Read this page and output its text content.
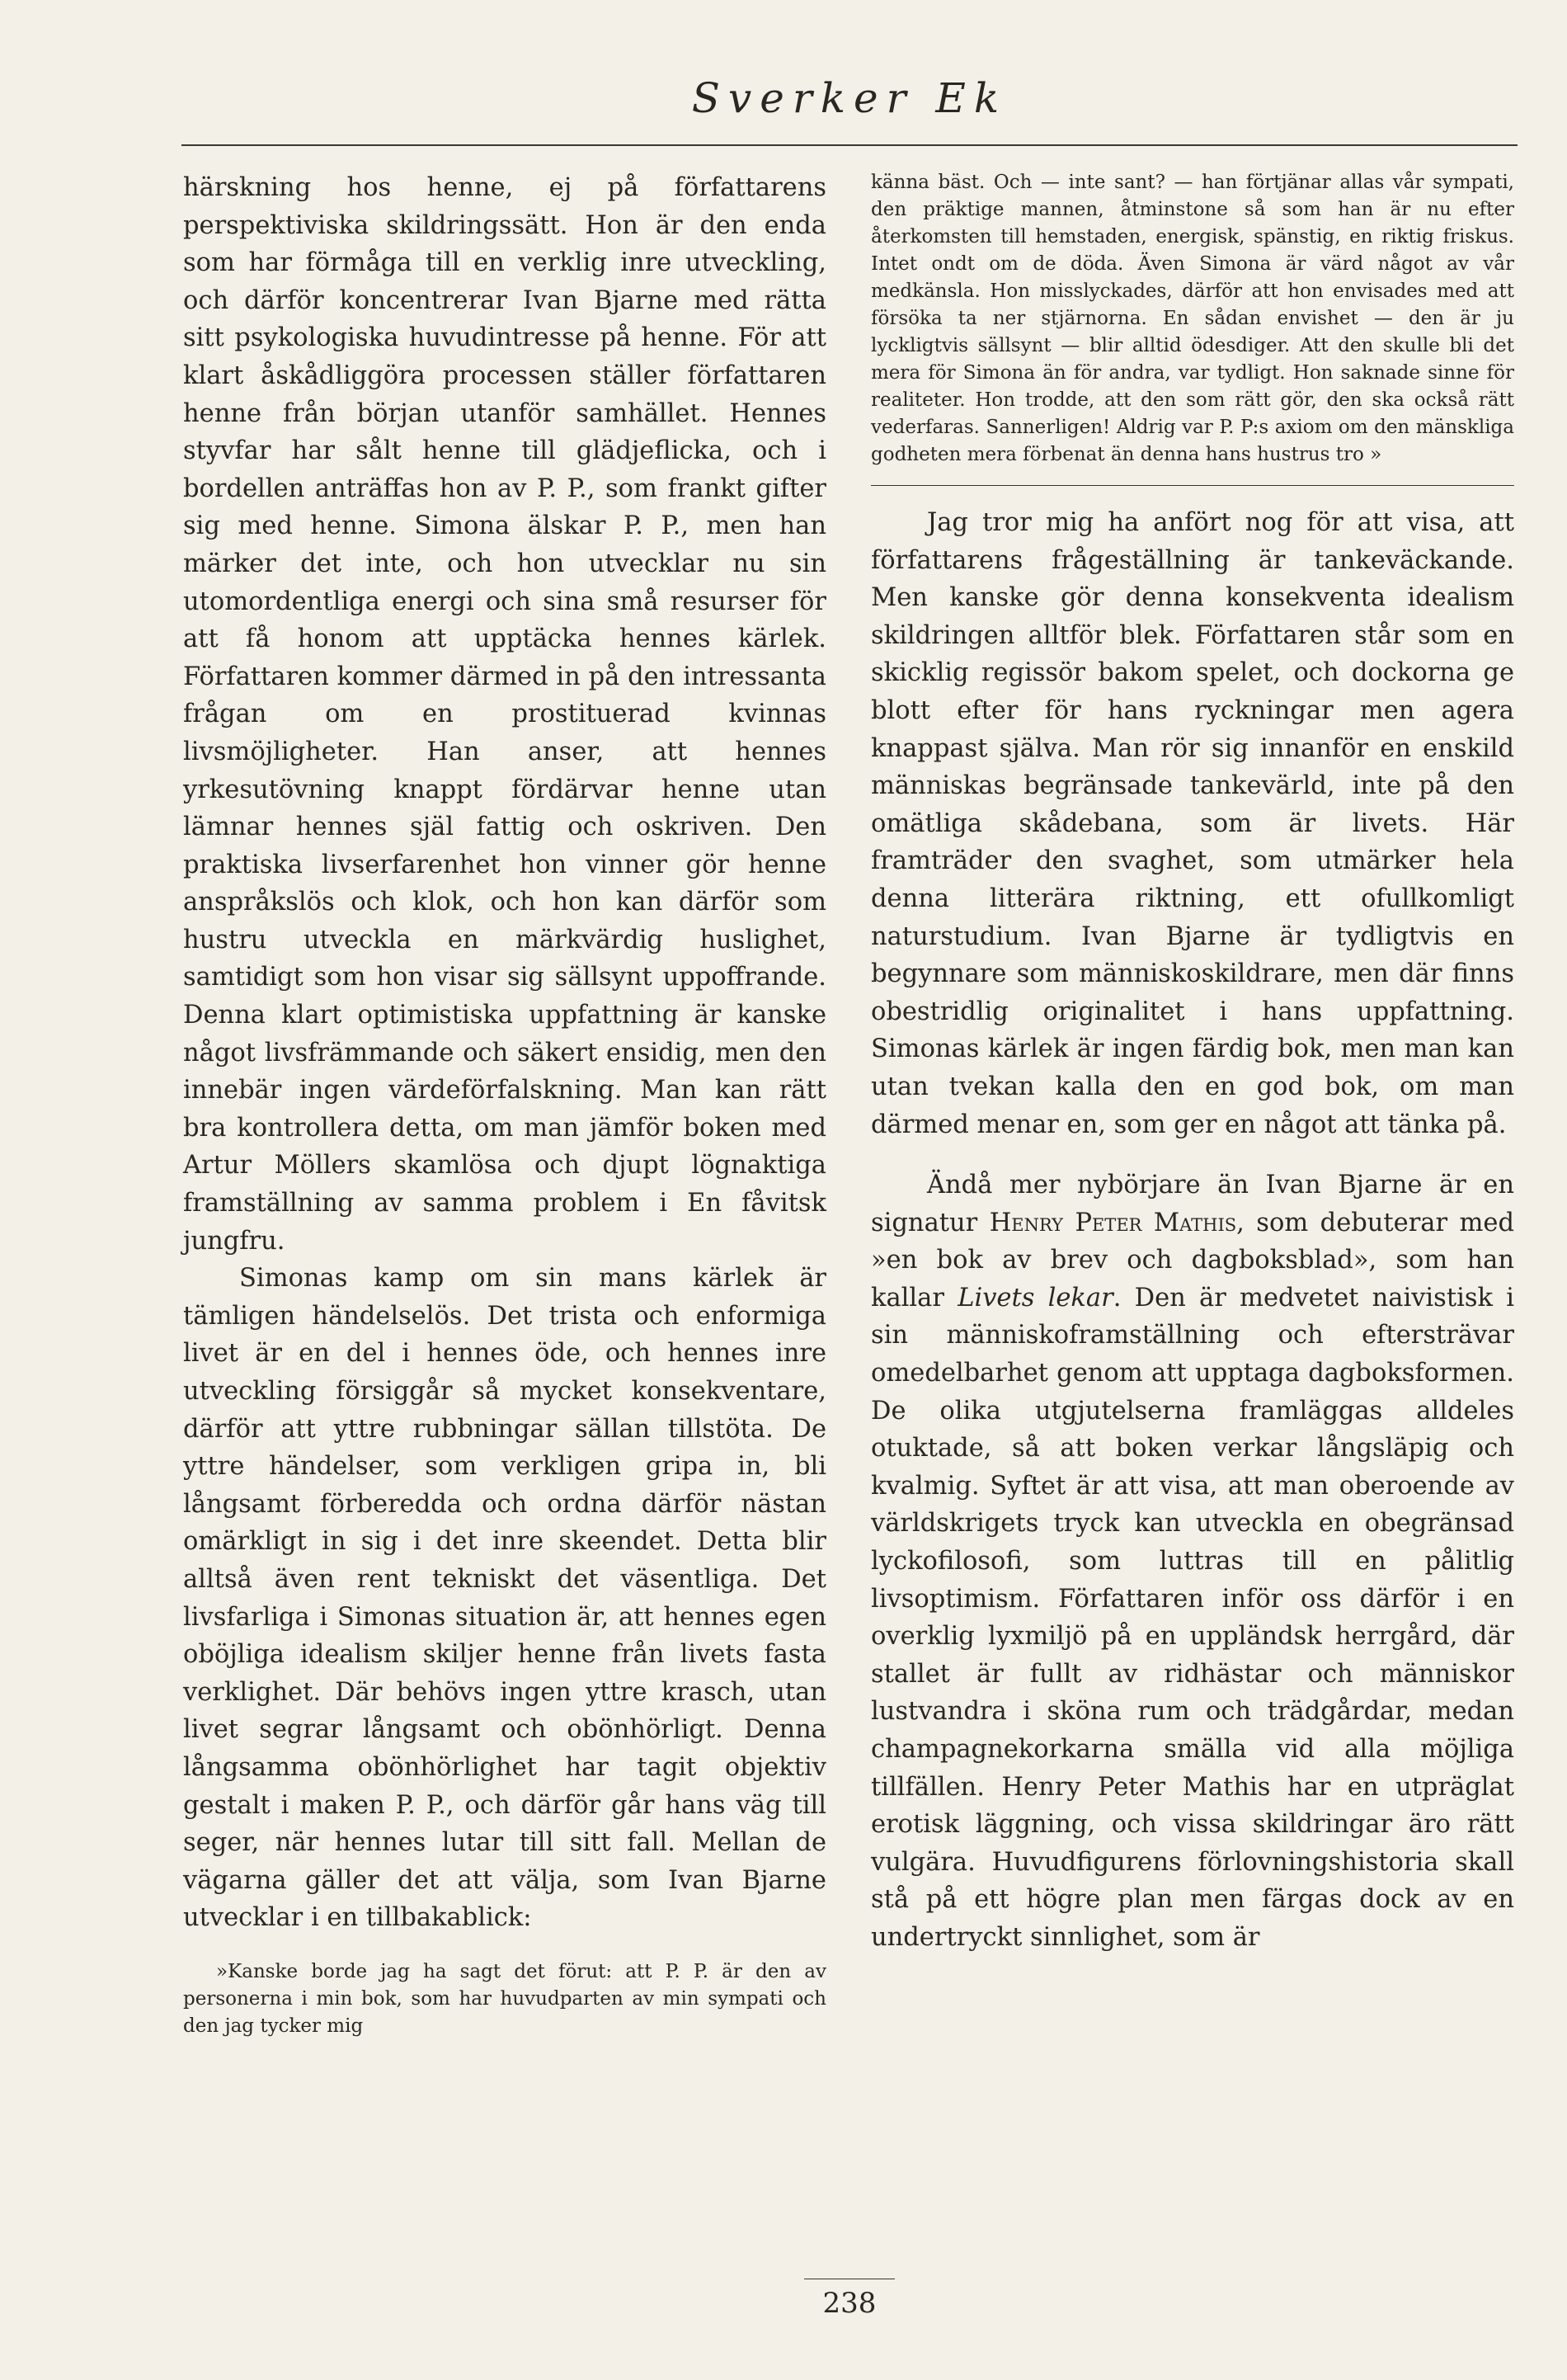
Sverker Ek

härskning hos henne, ej på författarens perspektiviska skildringssätt. Hon är den enda som har förmåga till en verklig inre utveckling, och därför koncentrerar Ivan Bjarne med rätta sitt psykologiska huvudintresse på henne. För att klart åskådliggöra processen ställer författaren henne från början utanför samhället. Hennes styvfar har sålt henne till glädjeflicka, och i bordellen anträffas hon av P. P., som frankt gifter sig med henne. Simona älskar P. P., men han märker det inte, och hon utvecklar nu sin utomordentliga energi och sina små resurser för att få honom att upptäcka hennes kärlek. Författaren kommer därmed in på den intressanta frågan om en prostituerad kvinnas livsmöjligheter. Han anser, att hennes yrkesutövning knappt fördärvar henne utan lämnar hennes själ fattig och oskriven. Den praktiska livserfarenhet hon vinner gör henne anspråkslös och klok, och hon kan därför som hustru utveckla en märkvärdig huslighet, samtidigt som hon visar sig sällsynt uppoffrande. Denna klart optimistiska uppfattning är kanske något livsfrämmande och säkert ensidig, men den innebär ingen värdeförfalskning. Man kan rätt bra kontrollera detta, om man jämför boken med Artur Möllers skamlösa och djupt lögnaktiga framställning av samma problem i En fåvitsk jungfru.

Simonas kamp om sin mans kärlek är tämligen händelselös. Det trista och enformiga livet är en del i hennes öde, och hennes inre utveckling försiggår så mycket konsekventare, därför att yttre rubbningar sällan tillstöta. De yttre händelser, som verkligen gripa in, bli långsamt förberedda och ordna därför nästan omärkligt in sig i det inre skeendet. Detta blir alltså även rent tekniskt det väsentliga. Det livsfarliga i Simonas situation är, att hennes egen oböjliga idealism skiljer henne från livets fasta verklighet. Där behövs ingen yttre krasch, utan livet segrar långsamt och obönhörligt. Denna långsamma obönhörlighet har tagit objektiv gestalt i maken P. P., och därför går hans väg till seger, när hennes lutar till sitt fall. Mellan de vägarna gäller det att välja, som Ivan Bjarne utvecklar i en tillbakablick:

»Kanske borde jag ha sagt det förut: att P. P. är den av personerna i min bok, som har huvudparten av min sympati och den jag tycker mig

känna bäst. Och — inte sant? — han förtjänar allas vår sympati, den präktige mannen, åtminstone så som han är nu efter återkomsten till hemstaden, energisk, spänstig, en riktig friskus. Intet ondt om de döda. Även Simona är värd något av vår medkänsla. Hon misslyckades, därför att hon envisades med att försöka ta ner stjärnorna. En sådan envishet — den är ju lyckligtvis sällsynt — blir alltid ödesdiger. Att den skulle bli det mera för Simona än för andra, var tydligt. Hon saknade sinne för realiteter. Hon trodde, att den som rätt gör, den ska också rätt vederfaras. Sannerligen! Aldrig var P. P:s axiom om den mänskliga godheten mera förbenat än denna hans hustrus tro »

Jag tror mig ha anfört nog för att visa, att författarens frågeställning är tankeväckande. Men kanske gör denna konsekventa idealism skildringen alltför blek. Författaren står som en skicklig regissör bakom spelet, och dockorna ge blott efter för hans ryckningar men agera knappast själva. Man rör sig innanför en enskild människas begränsade tankevärld, inte på den omätliga skådebana, som är livets. Här framträder den svaghet, som utmärker hela denna litterära riktning, ett ofullkomligt naturstudium. Ivan Bjarne är tydligtvis en begynnare som människoskildrare, men där finns obestridlig originalitet i hans uppfattning. Simonas kärlek är ingen färdig bok, men man kan utan tvekan kalla den en god bok, om man därmed menar en, som ger en något att tänka på.

Ändå mer nybörjare än Ivan Bjarne är en signatur Henry Peter Mathis, som debuterar med »en bok av brev och dagboksblad», som han kallar Livets lekar. Den är medvetet naivistisk i sin människoframställning och eftersträvar omedelbarhet genom att upptaga dagboksformen. De olika utgjutelserna framläggas alldeles otuktade, så att boken verkar långsläpig och kvalmig. Syftet är att visa, att man oberoende av världskrigets tryck kan utveckla en obegränsad lyckofilosofi, som luttras till en pålitlig livsoptimism. Författaren inför oss därför i en overklig lyxmiljö på en uppländsk herrgård, där stallet är fullt av ridhästar och människor lustvandra i sköna rum och trädgårdar, medan champagnekorkarna smälla vid alla möjliga tillfällen. Henry Peter Mathis har en utpräglat erotisk läggning, och vissa skildringar äro rätt vulgära. Huvudfigurens förlovningshistoria skall stå på ett högre plan men färgas dock av en undertryckt sinnlighet, som är

238
